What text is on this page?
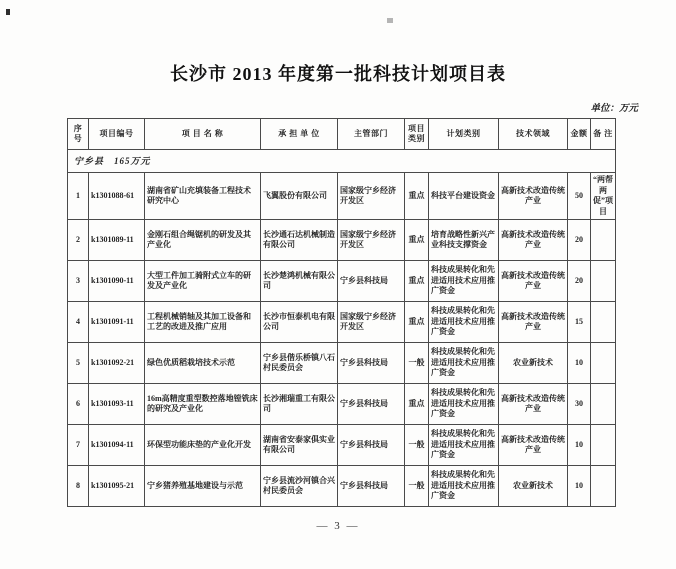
长沙市 2013 年度第一批科技计划项目表
单位：万元
序号	项目编号	项 目 名 称	承 担 单 位	主管部门	项目类别	计划类别	技术领域	金额	备 注
宁乡县　165万元									
1	k1301088-61	湖南省矿山充填装备工程技术研究中心	飞翼股份有限公司	国家级宁乡经济开发区	重点	科技平台建设资金	高新技术改造传统产业	50	“两帮两促”项目
2	k1301089-11	金刚石组合绳锯机的研发及其产业化	长沙通石达机械制造有限公司	国家级宁乡经济开发区	重点	培育战略性新兴产业科技支撑资金	高新技术改造传统产业	20	
3	k1301090-11	大型工件加工骑附式立车的研发及产业化	长沙楚鸿机械有限公司	宁乡县科技局	重点	科技成果转化和先进适用技术应用推广资金	高新技术改造传统产业	20	
4	k1301091-11	工程机械销轴及其加工设备和工艺的改进及推广应用	长沙市恒泰机电有限公司	国家级宁乡经济开发区	重点	科技成果转化和先进适用技术应用推广资金	高新技术改造传统产业	15	
5	k1301092-21	绿色优质稻栽培技术示范	宁乡县偕乐桥镇八石村民委员会	宁乡县科技局	一般	科技成果转化和先进适用技术应用推广资金	农业新技术	10	
6	k1301093-11	16m高精度重型数控落地镗铣床的研究及产业化	长沙湘瑞重工有限公司	宁乡县科技局	重点	科技成果转化和先进适用技术应用推广资金	高新技术改造传统产业	30	
7	k1301094-11	环保型功能床垫的产业化开发	湖南省安泰家俱实业有限公司	宁乡县科技局	一般	科技成果转化和先进适用技术应用推广资金	高新技术改造传统产业	10	
8	k1301095-21	宁乡猪养殖基地建设与示范	宁乡县流沙河镇合兴村民委员会	宁乡县科技局	一般	科技成果转化和先进适用技术应用推广资金	农业新技术	10	
— 3 —
